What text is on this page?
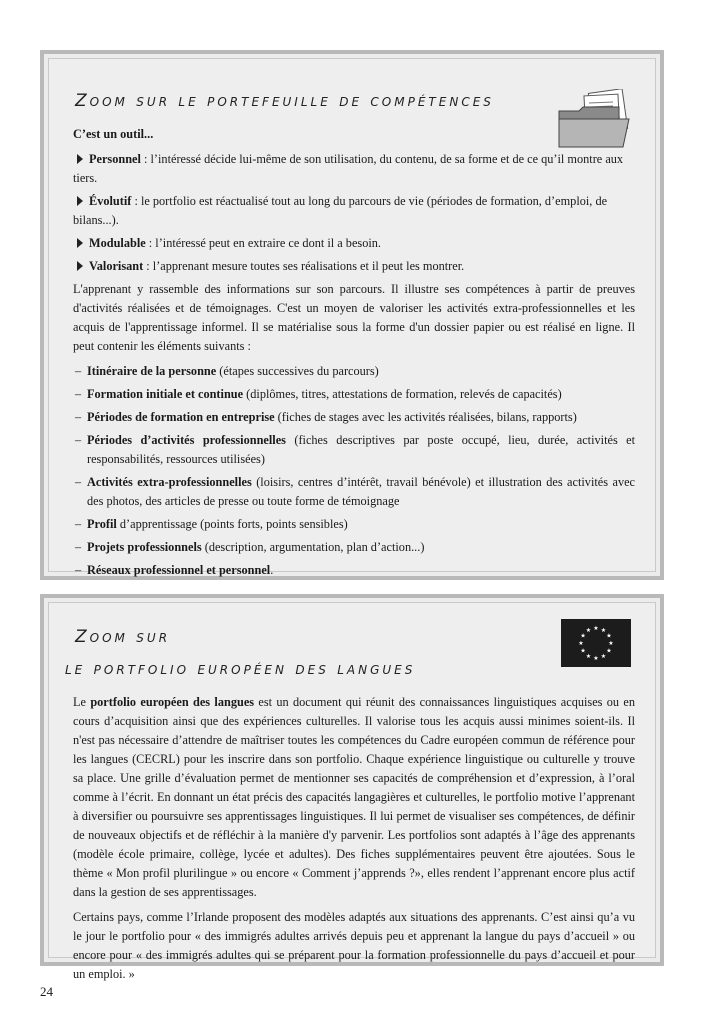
Zoom sur le portefeuille de compétences
C’est un outil...
Personnel : l’intéressé décide lui-même de son utilisation, du contenu, de sa forme et de ce qu’il montre aux tiers.
Évolutif : le portfolio est réactualisé tout au long du parcours de vie (périodes de formation, d’emploi, de bilans...).
Modulable : l’intéressé peut en extraire ce dont il a besoin.
Valorisant : l’apprenant mesure toutes ses réalisations et il peut les montrer.
L'apprenant y rassemble des informations sur son parcours. Il illustre ses compétences à partir de preuves d'activités réalisées et de témoignages. C'est un moyen de valoriser les activités extra-professionnelles et les acquis de l'apprentissage informel. Il se matérialise sous la forme d'un dossier papier ou est réalisé en ligne. Il peut contenir les éléments suivants :
– Itinéraire de la personne (étapes successives du parcours)
– Formation initiale et continue (diplômes, titres, attestations de formation, relevés de capacités)
– Périodes de formation en entreprise (fiches de stages avec les activités réalisées, bilans, rapports)
– Périodes d’activités professionnelles (fiches descriptives par poste occupé, lieu, durée, activités et responsabilités, ressources utilisées)
– Activités extra-professionnelles (loisirs, centres d’intérêt, travail bénévole) et illustration des activités avec des photos, des articles de presse ou toute forme de témoignage
– Profil d’apprentissage (points forts, points sensibles)
– Projets professionnels (description, argumentation, plan d’action...)
– Réseaux professionnel et personnel.
Zoom sur
le portfolio européen des langues
★ ★
★
★
★
★
★
★
★
★
★
★
Le portfolio européen des langues est un document qui réunit des connaissances linguistiques acquises ou en cours d’acquisition ainsi que des expériences culturelles. Il valorise tous les acquis aussi minimes soient-ils. Il n'est pas nécessaire d’attendre de maîtriser toutes les compétences du Cadre européen commun de référence pour les langues (CECRL) pour les inscrire dans son portfolio. Chaque expérience linguistique ou culturelle y trouve sa place. Une grille d’évaluation permet de mentionner ses capacités de compréhension et d’expression, à l’oral comme à l’écrit. En donnant un état précis des capacités langagières et culturelles, le portfolio motive l’apprenant à diversifier ou poursuivre ses apprentissages linguistiques. Il lui permet de visualiser ses compétences, de définir de nouveaux objectifs et de réfléchir à la manière d'y parvenir. Les portfolios sont adaptés à l’âge des apprenants (modèle école primaire, collège, lycée et adultes). Des fiches supplémentaires peuvent être ajoutées. Sous le thème « Mon profil plurilingue » ou encore « Comment j’apprends ?», elles rendent l’apprenant encore plus actif dans la gestion de ses apprentissages.
Certains pays, comme l’Irlande proposent des modèles adaptés aux situations des apprenants. C’est ainsi qu’a vu le jour le portfolio pour « des immigrés adultes arrivés depuis peu et apprenant la langue du pays d’accueil » ou encore pour « des immigrés adultes qui se préparent pour la formation professionnelle du pays d’accueil et pour un emploi. »
24
